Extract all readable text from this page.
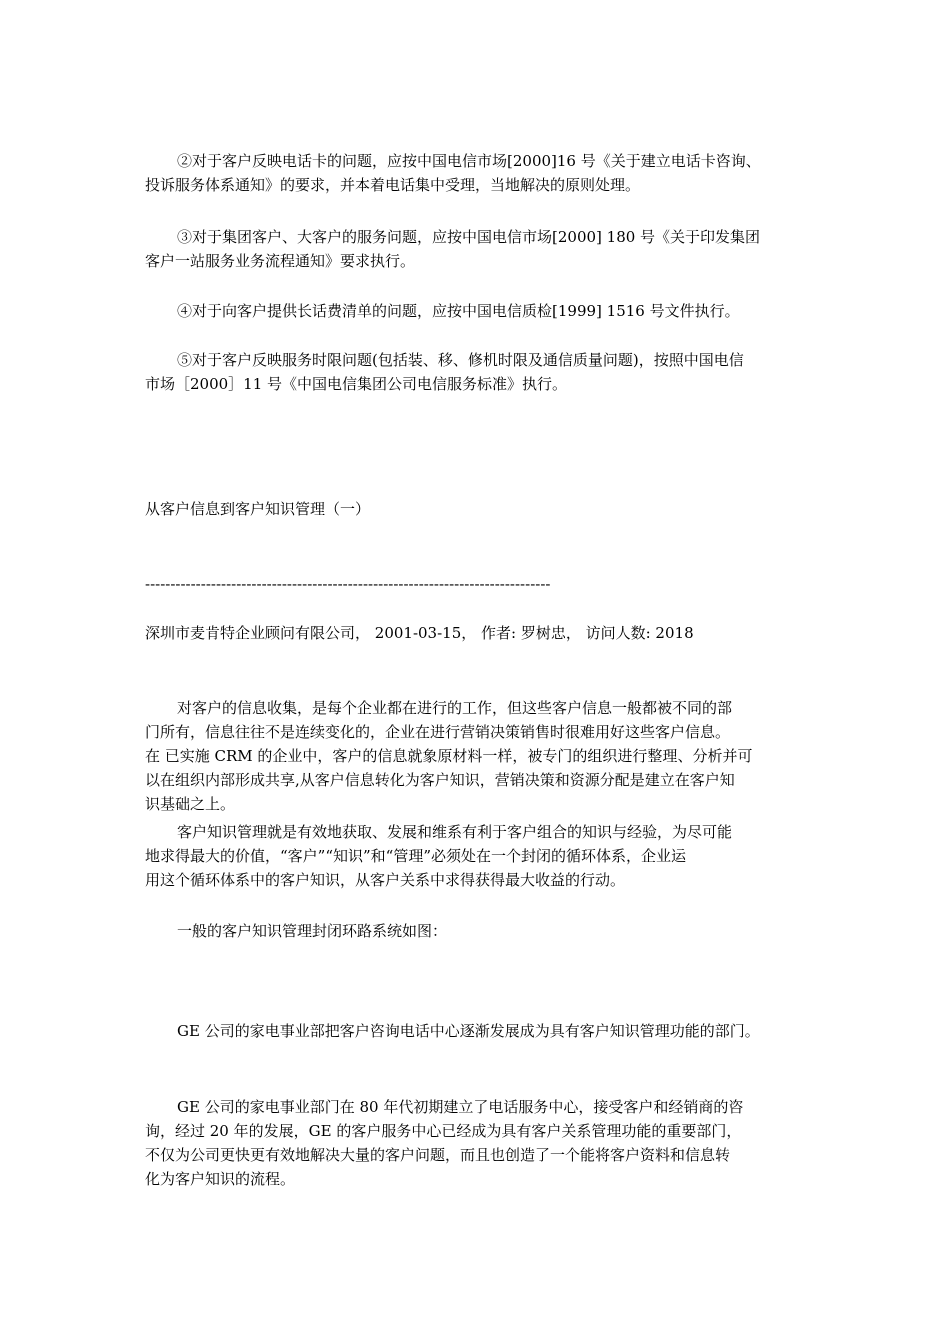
②对于客户反映电话卡的问题，应按中国电信市场[2000]16 号《关于建立电话卡咨询、
投诉服务体系通知》的要求，并本着电话集中受理，当地解决的原则处理。

③对于集团客户、大客户的服务问题，应按中国电信市场[2000] 180 号《关于印发集团
客户一站服务业务流程通知》要求执行。

④对于向客户提供长话费清单的问题，应按中国电信质检[1999] 1516 号文件执行。

⑤对于客户反映服务时限问题(包括装、移、修机时限及通信质量问题)，按照中国电信
市场［2000］11 号《中国电信集团公司电信服务标准》执行。

从客户信息到客户知识管理（一）

--------------------------------------------------------------------------------

深圳市麦肯特企业顾问有限公司， 2001-03-15， 作者: 罗树忠， 访问人数: 2018

对客户的信息收集，是每个企业都在进行的工作，但这些客户信息一般都被不同的部
门所有，信息往往不是连续变化的，企业在进行营销决策销售时很难用好这些客户信息。
在 已实施 CRM 的企业中，客户的信息就象原材料一样，被专门的组织进行整理、分析并可
以在组织内部形成共享,从客户信息转化为客户知识，营销决策和资源分配是建立在客户知
识基础之上。

客户知识管理就是有效地获取、发展和维系有利于客户组合的知识与经验，为尽可能
地求得最大的价值，“客户”“知识”和“管理”必须处在一个封闭的循环体系，企业运
用这个循环体系中的客户知识，从客户关系中求得获得最大收益的行动。

一般的客户知识管理封闭环路系统如图：

GE 公司的家电事业部把客户咨询电话中心逐渐发展成为具有客户知识管理功能的部门。

GE 公司的家电事业部门在 80 年代初期建立了电话服务中心，接受客户和经销商的咨
询，经过 20 年的发展，GE 的客户服务中心已经成为具有客户关系管理功能的重要部门，
不仅为公司更快更有效地解决大量的客户问题，而且也创造了一个能将客户资料和信息转
化为客户知识的流程。
